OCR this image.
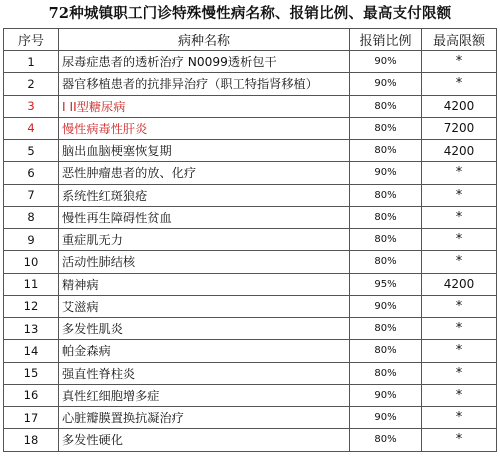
72种城镇职工门诊特殊慢性病名称、报销比例、最高支付限额
序号	病种名称	报销比例	最高限额
1	尿毒症患者的透析治疗 N0099透析包干	90%	*
2	器官移植患者的抗排异治疗（职工特指肾移植）	90%	*
3	I II型糖尿病	80%	4200
4	慢性病毒性肝炎	80%	7200
5	脑出血脑梗塞恢复期	80%	4200
6	恶性肿瘤患者的放、化疗	90%	*
7	系统性红斑狼疮	80%	*
8	慢性再生障碍性贫血	80%	*
9	重症肌无力	80%	*
10	活动性肺结核	80%	*
11	精神病	95%	4200
12	艾滋病	90%	*
13	多发性肌炎	80%	*
14	帕金森病	80%	*
15	强直性脊柱炎	80%	*
16	真性红细胞增多症	90%	*
17	心脏瓣膜置换抗凝治疗	90%	*
18	多发性硬化	80%	*
